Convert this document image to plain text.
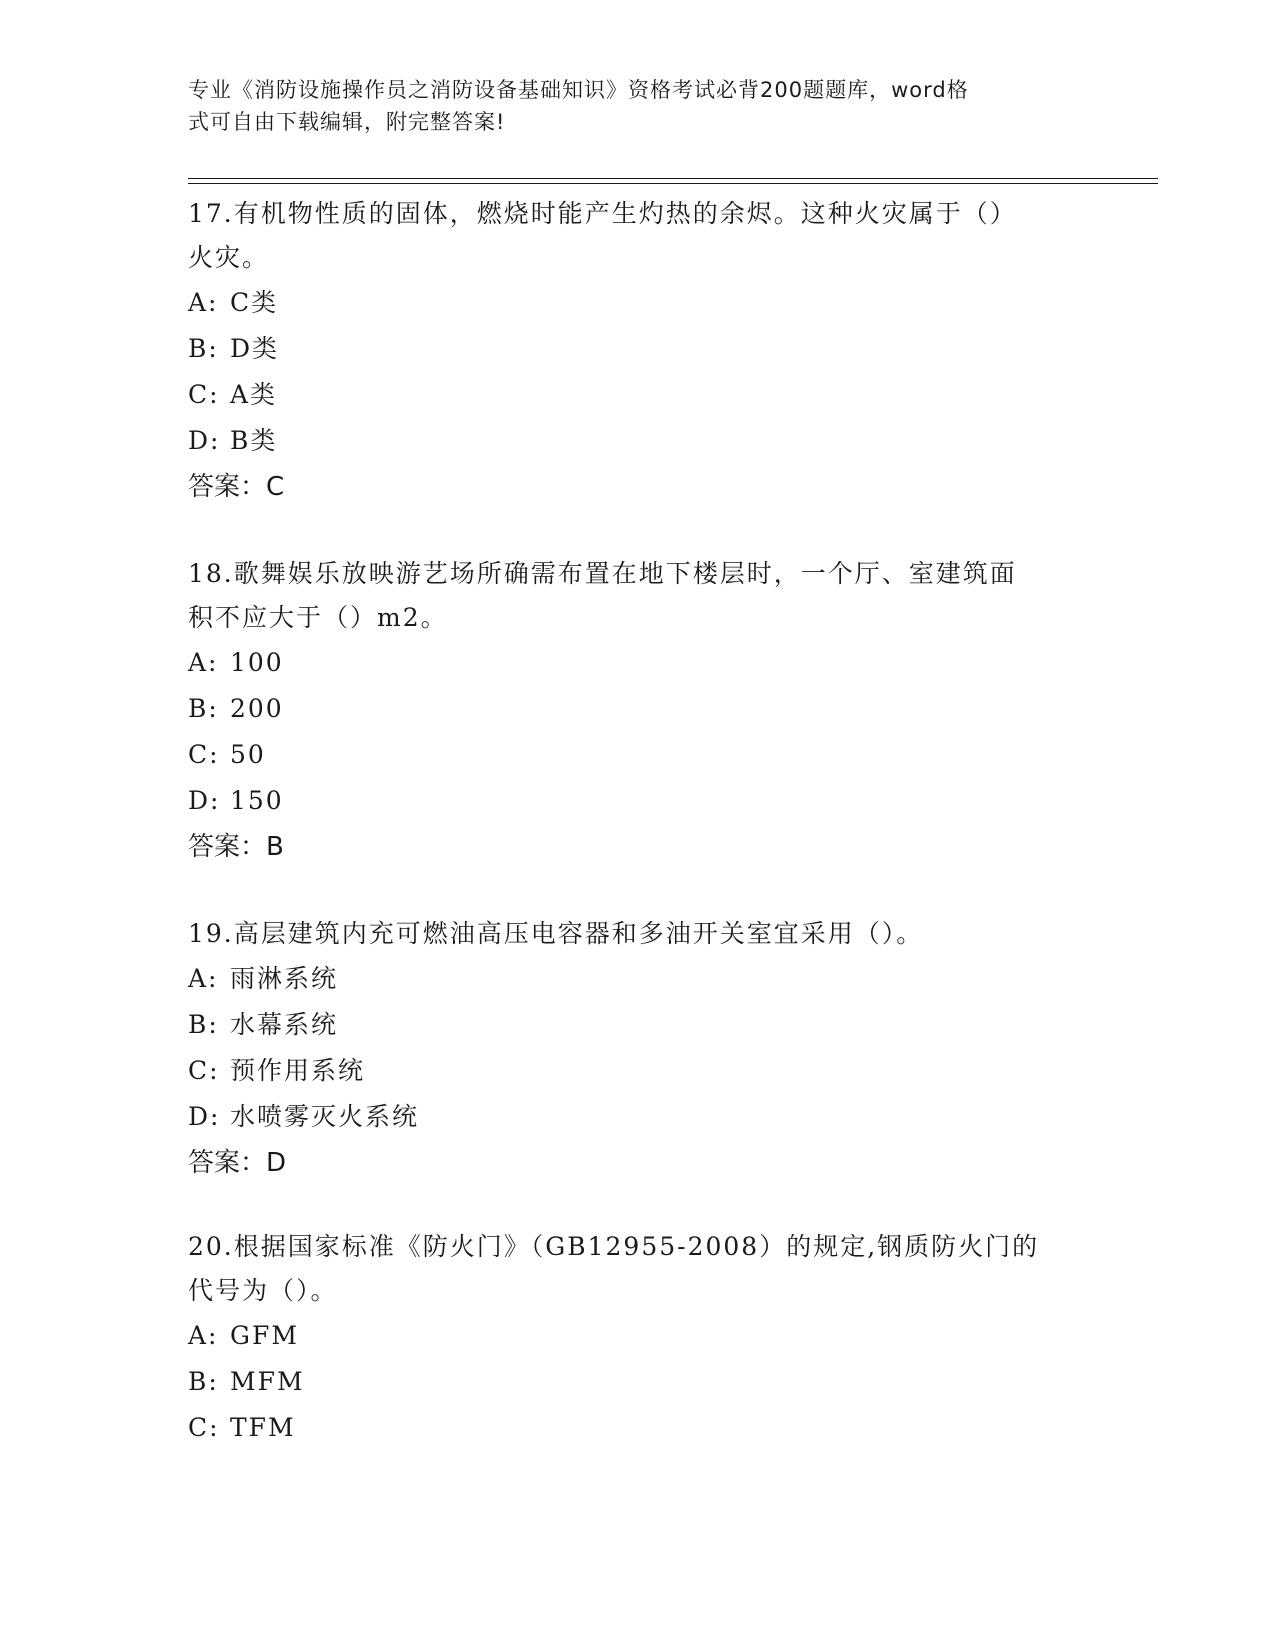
专业《消防设施操作员之消防设备基础知识》资格考试必背200题题库，word格
式可自由下载编辑，附完整答案!
17.有机物性质的固体，燃烧时能产生灼热的余烬。这种火灾属于（）
火灾。
A: C类
B: D类
C: A类
D: B类
答案：C
18.歌舞娱乐放映游艺场所确需布置在地下楼层时，一个厅、室建筑面
积不应大于（）m2。
A: 100
B: 200
C: 50
D: 150
答案：B
19.高层建筑内充可燃油高压电容器和多油开关室宜采用（）。
A: 雨淋系统
B: 水幕系统
C: 预作用系统
D: 水喷雾灭火系统
答案：D
20.根据国家标准《防火门》（GB12955-2008）的规定,钢质防火门的
代号为（）。
A: GFM
B: MFM
C: TFM
